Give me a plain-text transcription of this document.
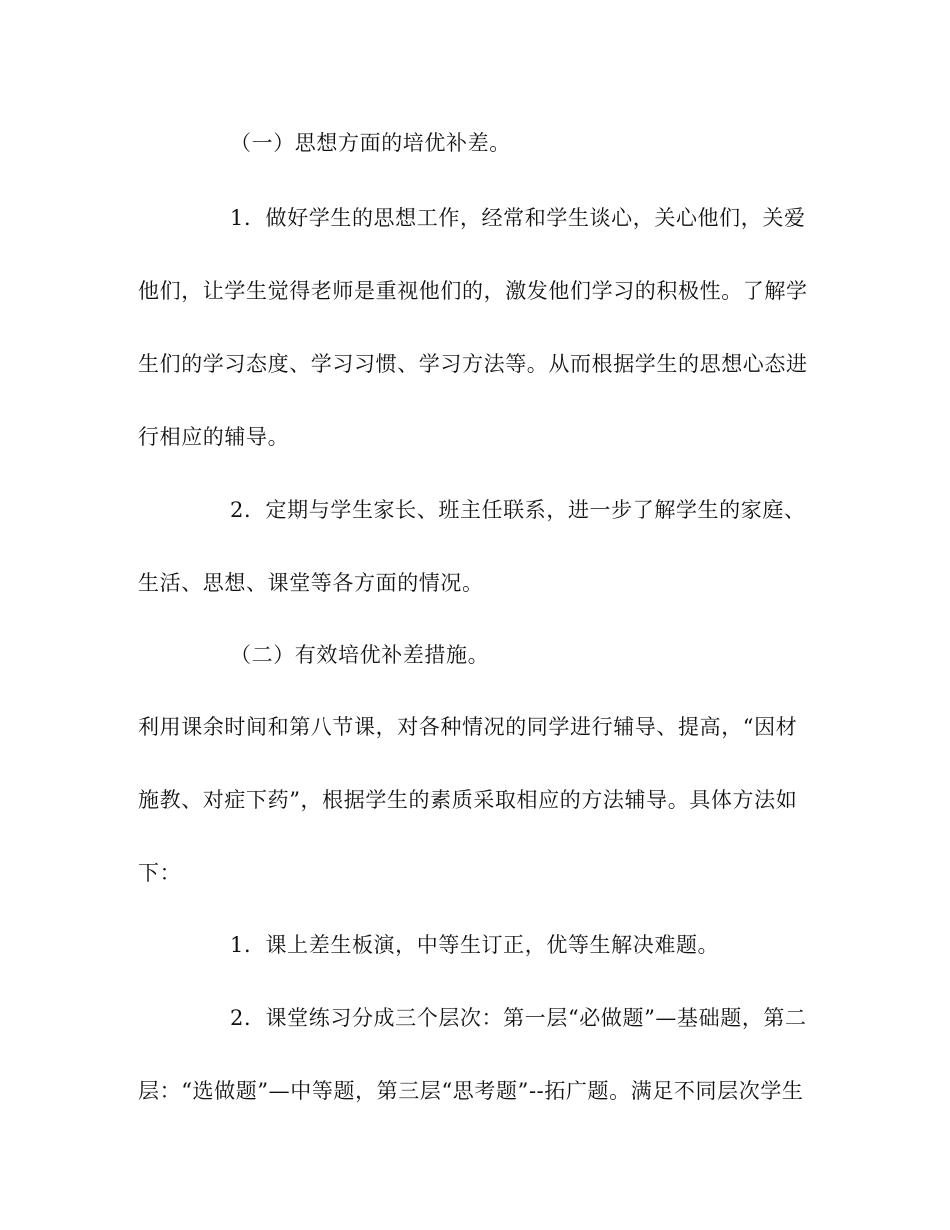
（一）思想方面的培优补差。
1．做好学生的思想工作，经常和学生谈心，关心他们，关爱
他们，让学生觉得老师是重视他们的，激发他们学习的积极性。了解学
生们的学习态度、学习习惯、学习方法等。从而根据学生的思想心态进
行相应的辅导。
2．定期与学生家长、班主任联系，进一步了解学生的家庭、
生活、思想、课堂等各方面的情况。
（二）有效培优补差措施。
利用课余时间和第八节课，对各种情况的同学进行辅导、提高，“因材
施教、对症下药”，根据学生的素质采取相应的方法辅导。具体方法如
下：
1．课上差生板演，中等生订正，优等生解决难题。
2．课堂练习分成三个层次：第一层“必做题”—基础题，第二
层：“选做题”—中等题，第三层“思考题”--拓广题。满足不同层次学生
